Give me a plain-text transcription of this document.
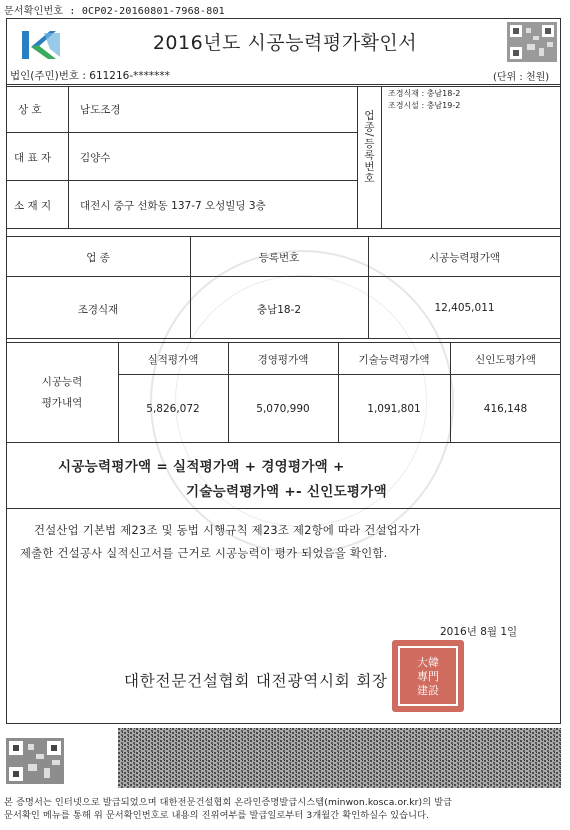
문서확인번호 : 0CP02-20160801-7968-801
2016년도 시공능력평가확인서
법인(주민)번호 : 611216-*******	(단위 : 천원)
상 호	남도조경
대 표 자	김양수
소 재 지	대전시 중구 선화동 137-7 오성빌딩 3층
업종/등록번호
조경식재 : 충남18-2
조경시설 : 충남19-2
업 종	등록번호	시공능력평가액
조경식재	충남18-2	12,405,011
시공능력
평가내역
실적평가액	경영평가액	기술능력평가액	신인도평가액
5,826,072	5,070,990	1,091,801	416,148
시공능력평가액 = 실적평가액 + 경영평가액 +
기술능력평가액 +- 신인도평가액
건설산업 기본법 제23조 및 동법 시행규칙 제23조 제2항에 따라 건설업자가
제출한 건설공사 실적신고서를 근거로 시공능력이 평가 되었음을 확인함.
2016년 8월 1일
大韓
專門
建設
대한전문건설협회 대전광역시회 회장
본 증명서는 인터넷으로 발급되었으며 대한전문건설협회 온라인증명발급시스템(minwon.kosca.or.kr)의 발급
문서확인 메뉴를 통해 위 문서확인번호로 내용의 진위여부를 발급일로부터 3개월간 확인하실수 있습니다.
